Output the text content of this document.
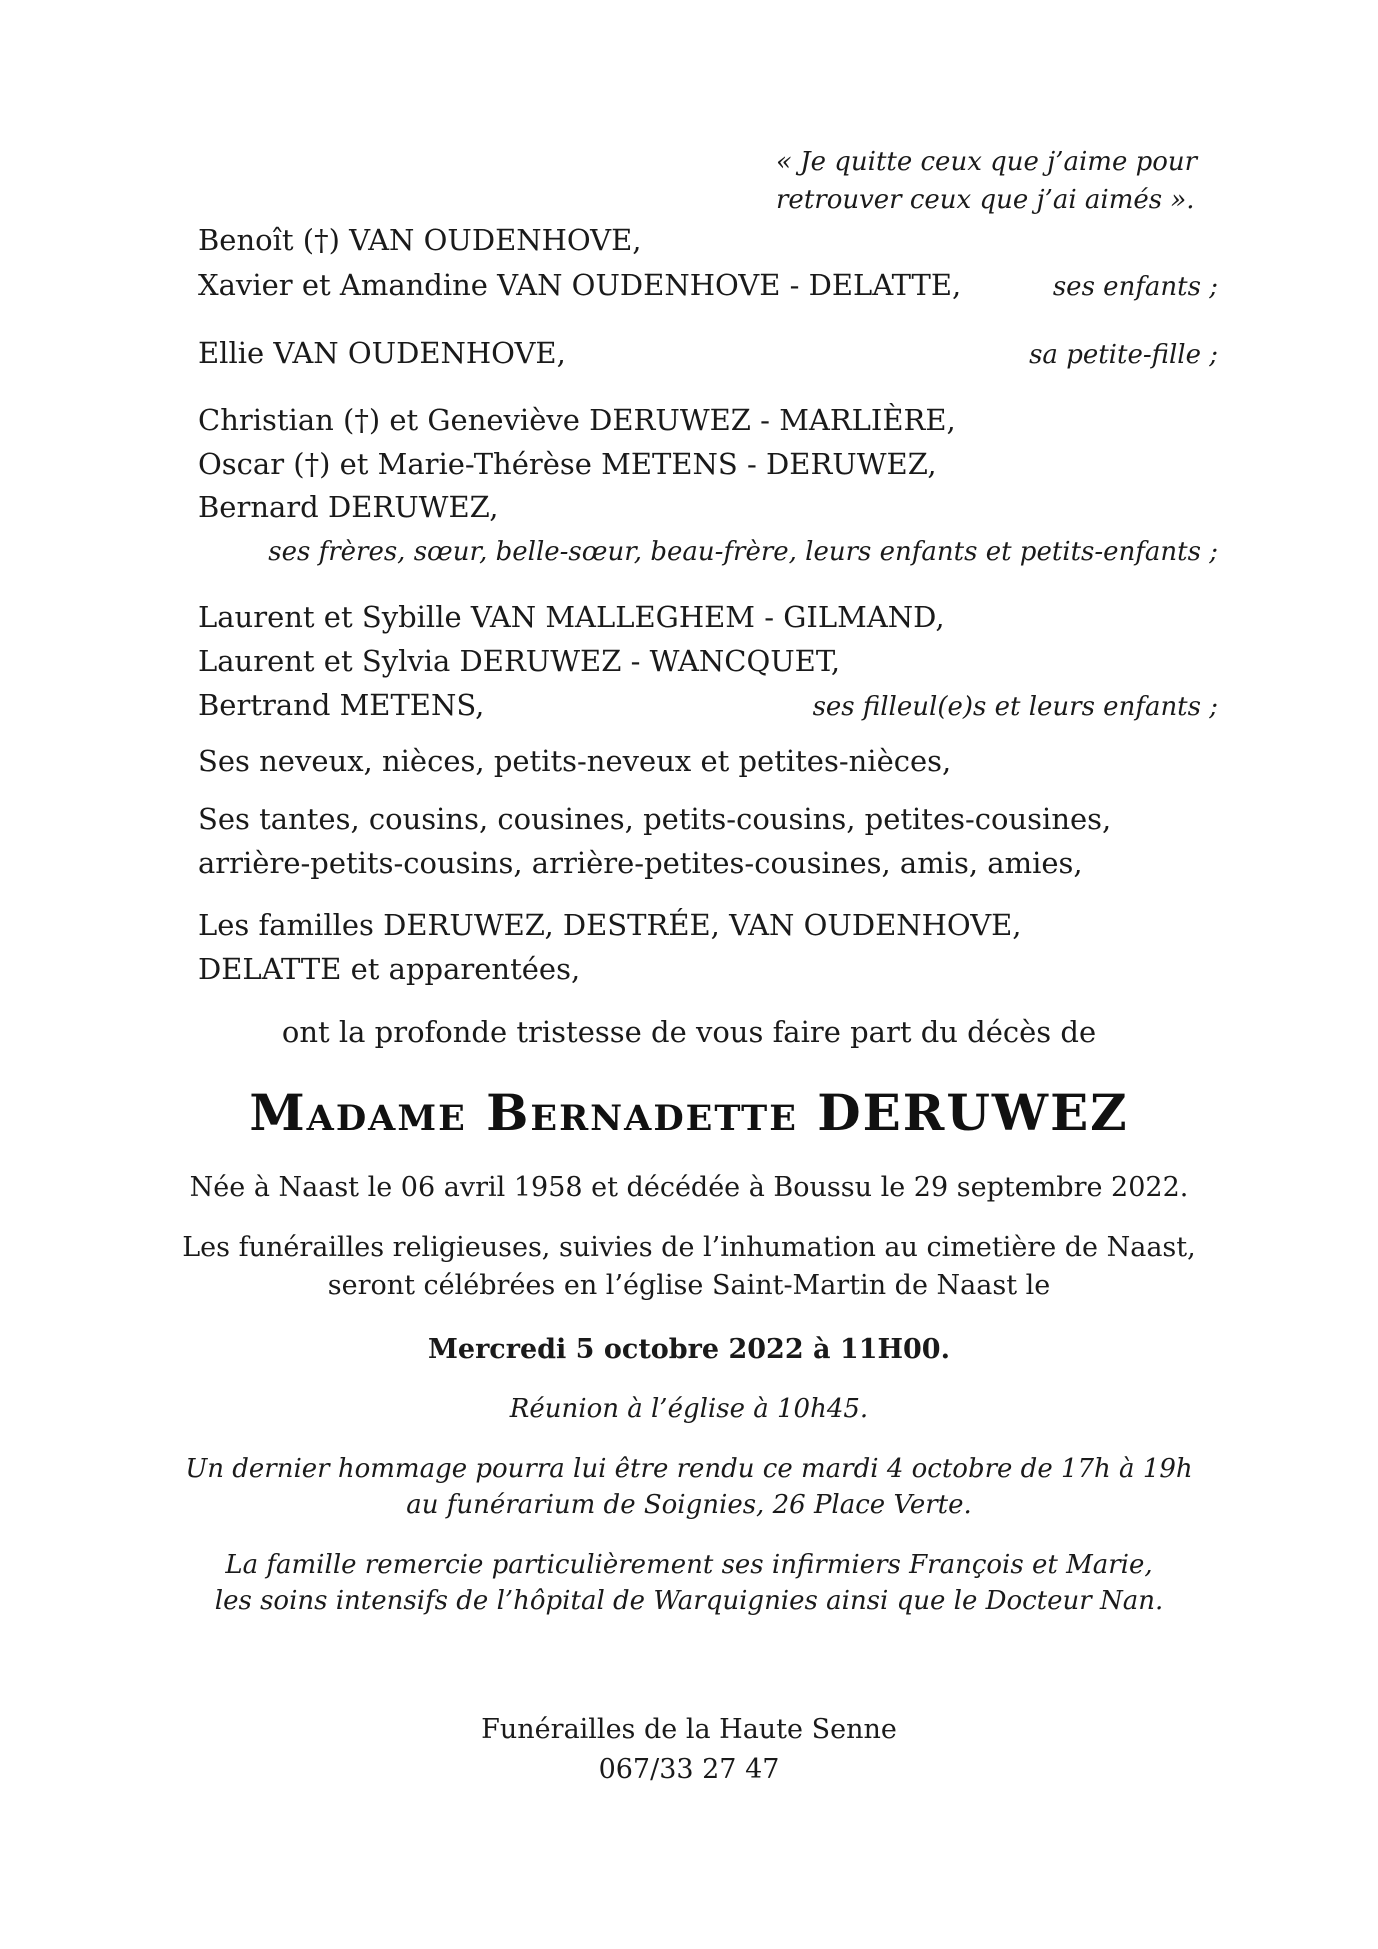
« Je quitte ceux que j’aime pour
retrouver ceux que j’ai aimés ».
Benoît (†) VAN OUDENHOVE,
Xavier et Amandine VAN OUDENHOVE - DELATTE,	ses enfants ;
Ellie VAN OUDENHOVE,	sa petite-fille ;
Christian (†) et Geneviève DERUWEZ - MARLIÈRE,
Oscar (†) et Marie-Thérèse METENS - DERUWEZ,
Bernard DERUWEZ,
ses frères, sœur, belle-sœur, beau-frère, leurs enfants et petits-enfants ;
Laurent et Sybille VAN MALLEGHEM - GILMAND,
Laurent et Sylvia DERUWEZ - WANCQUET,
Bertrand METENS,	ses filleul(e)s et leurs enfants ;
Ses neveux, nièces, petits-neveux et petites-nièces,
Ses tantes, cousins, cousines, petits-cousins, petites-cousines,
arrière-petits-cousins, arrière-petites-cousines, amis, amies,
Les familles DERUWEZ, DESTRÉE, VAN OUDENHOVE,
DELATTE et apparentées,
ont la profonde tristesse de vous faire part du décès de
Madame Bernadette DERUWEZ
Née à Naast le 06 avril 1958 et décédée à Boussu le 29 septembre 2022.
Les funérailles religieuses, suivies de l’inhumation au cimetière de Naast,
seront célébrées en l’église Saint-Martin de Naast le
Mercredi 5 octobre 2022 à 11H00.
Réunion à l’église à 10h45.
Un dernier hommage pourra lui être rendu ce mardi 4 octobre de 17h à 19h
au funérarium de Soignies, 26 Place Verte.
La famille remercie particulièrement ses infirmiers François et Marie,
les soins intensifs de l’hôpital de Warquignies ainsi que le Docteur Nan.
Funérailles de la Haute Senne
067/33 27 47
